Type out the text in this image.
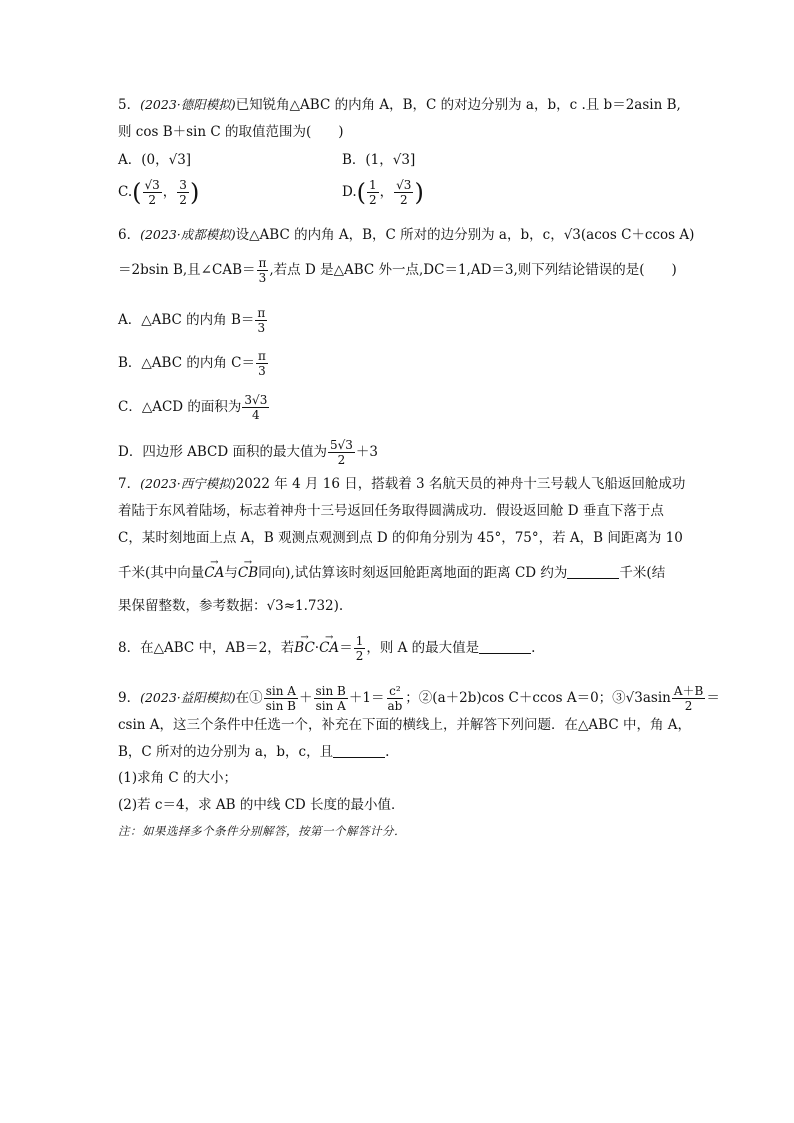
5．(2023·德阳模拟)已知锐角△ABC 的内角 A，B，C 的对边分别为 a，b，c .且 b＝2asin B,
则 cos B＋sin C 的取值范围为(　　)
A．(0，√3]	B．(1，√3]
$C.( \frac{√3}{2}$ ， $\frac{3}{2}$ )	$D.( \frac{1}{2}$ ， $\frac{√3}{2}$ )
6．(2023·成都模拟)设△ABC 的内角 A，B，C 所对的边分别为 a，b，c，√3(acos C＋ccos A)
＝2bsin B,且∠CAB＝ $\frac{\pi}{3}$ ,若点 D 是△ABC 外一点,DC＝1,AD＝3,则下列结论错误的是(　　)
A．△ABC 的内角 $B= \frac{\pi}{3}$
B．△ABC 的内角 $C= \frac{\pi}{3}$
C．△ACD 的面积为 $\frac{3√3}{4}$
D．四边形 ABCD 面积的最大值为 $\frac{5√3}{2} +3$
7．(2023·西宁模拟)2022 年 4 月 16 日，搭载着 3 名航天员的神舟十三号载人飞船返回舱成功
着陆于东风着陆场，标志着神舟十三号返回任务取得圆满成功．假设返回舱 D 垂直下落于点
C，某时刻地面上点 A，B 观测点观测到点 D 的仰角分别为 45°，75°，若 A，B 间距离为 10
千米(其中向量→ CA与→ CB同向),试估算该时刻返回舱距离地面的距离 CD 约为	千米(结
果保留整数，参考数据：√3≈1.732).
8．在△ABC 中，AB＝2，若→ $BC\cdot\to CA= \frac{1}{2}$ ，则 A 的最大值是	.
9．(2023·益阳模拟)在① $\frac{\text{sin A}}{\text{sin B}} + \frac{\text{sin B}}{\text{sin A}} +1= \frac{\text{c²}}{ab}$ ；②(a＋2b)cos C＋ccos A＝0；③√3asin $\frac{A+B}{2}$ ＝
csin A，这三个条件中任选一个，补充在下面的横线上，并解答下列问题．在△ABC 中，角 A，
B，C 所对的边分别为 a，b，c，且	.
(1)求角 C 的大小；
(2)若 c＝4，求 AB 的中线 CD 长度的最小值．
注：如果选择多个条件分别解答，按第一个解答计分．
